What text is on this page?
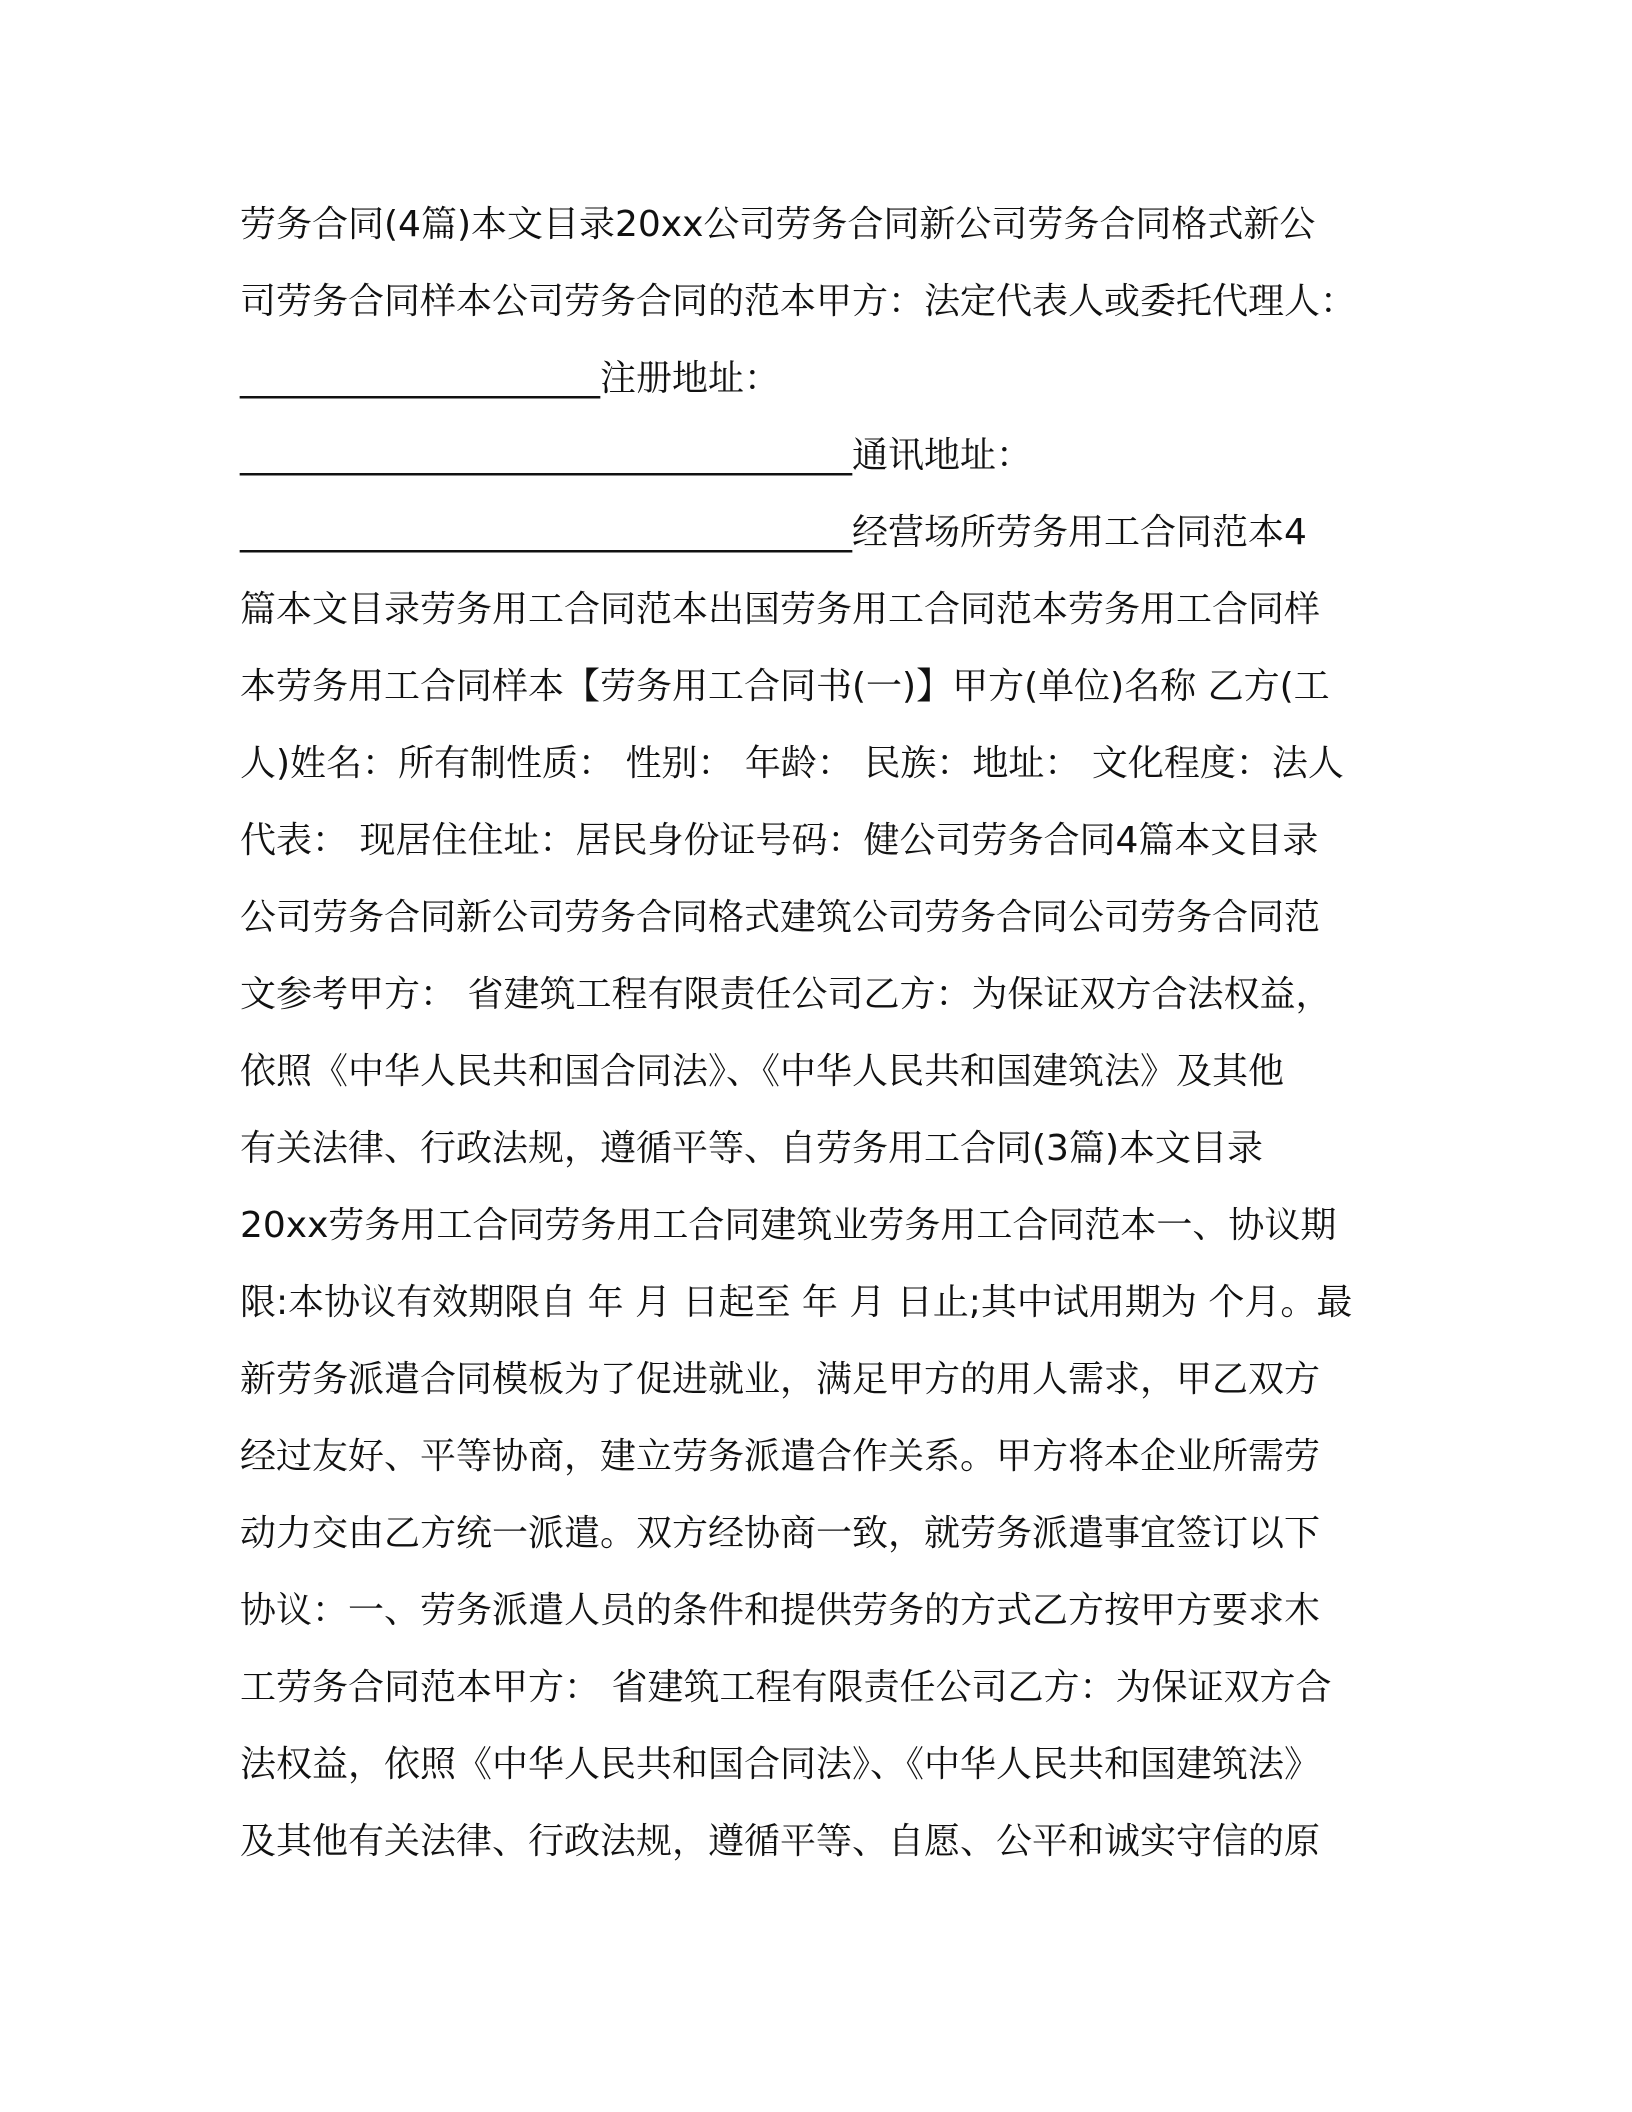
劳务合同(4篇)本文目录20xx公司劳务合同新公司劳务合同格式新公
司劳务合同样本公司劳务合同的范本甲方：法定代表人或委托代理人：
____________________注册地址：
__________________________________通讯地址：
__________________________________经营场所劳务用工合同范本4
篇本文目录劳务用工合同范本出国劳务用工合同范本劳务用工合同样
本劳务用工合同样本【劳务用工合同书(一)】甲方(单位)名称 乙方(工
人)姓名：所有制性质： 性别： 年龄： 民族：地址： 文化程度：法人
代表： 现居住住址：居民身份证号码：健公司劳务合同4篇本文目录
公司劳务合同新公司劳务合同格式建筑公司劳务合同公司劳务合同范
文参考甲方： 省建筑工程有限责任公司乙方：为保证双方合法权益，
依照《中华人民共和国合同法》、《中华人民共和国建筑法》及其他
有关法律、行政法规，遵循平等、自劳务用工合同(3篇)本文目录
20xx劳务用工合同劳务用工合同建筑业劳务用工合同范本一、协议期
限:本协议有效期限自 年 月 日起至 年 月 日止;其中试用期为 个月。最
新劳务派遣合同模板为了促进就业，满足甲方的用人需求，甲乙双方
经过友好、平等协商，建立劳务派遣合作关系。甲方将本企业所需劳
动力交由乙方统一派遣。双方经协商一致，就劳务派遣事宜签订以下
协议：一、劳务派遣人员的条件和提供劳务的方式乙方按甲方要求木
工劳务合同范本甲方： 省建筑工程有限责任公司乙方：为保证双方合
法权益，依照《中华人民共和国合同法》、《中华人民共和国建筑法》
及其他有关法律、行政法规，遵循平等、自愿、公平和诚实守信的原
